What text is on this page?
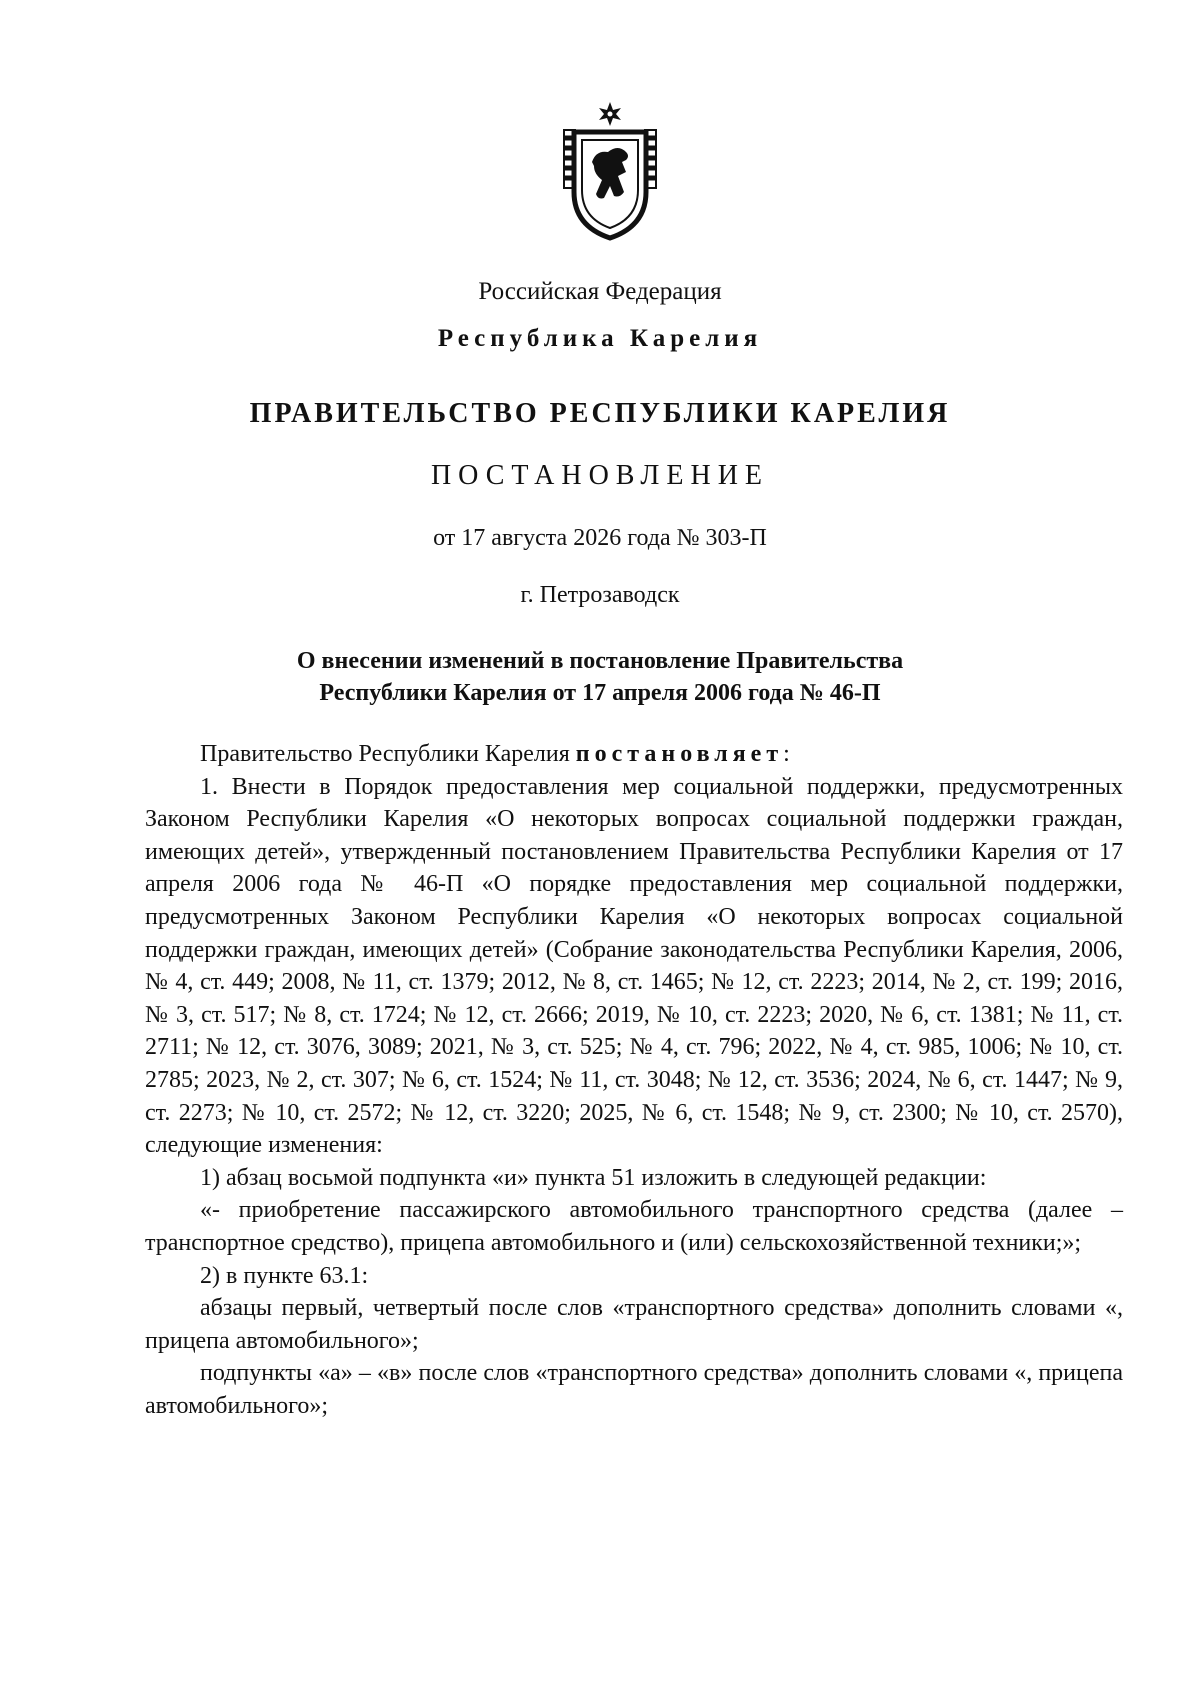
Российская Федерация
Республика Карелия
ПРАВИТЕЛЬСТВО РЕСПУБЛИКИ КАРЕЛИЯ
ПОСТАНОВЛЕНИЕ
от 17 августа 2026 года № 303-П
г. Петрозаводск
О внесении изменений в постановление Правительства
Республики Карелия от 17 апреля 2006 года № 46-П

Правительство Республики Карелия постановляет:

1. Внести в Порядок предоставления мер социальной поддержки, предусмотренных Законом Республики Карелия «О некоторых вопросах социальной поддержки граждан, имеющих детей», утвержденный постановлением Правительства Республики Карелия от 17 апреля 2006 года № 46-П «О порядке предоставления мер социальной поддержки, предусмотренных Законом Республики Карелия «О некоторых вопросах социальной поддержки граждан, имеющих детей» (Собрание законодательства Республики Карелия, 2006, № 4, ст. 449; 2008, № 11, ст. 1379; 2012, № 8, ст. 1465; № 12, ст. 2223; 2014, № 2, ст. 199; 2016, № 3, ст. 517; № 8, ст. 1724; № 12, ст. 2666; 2019, № 10, ст. 2223; 2020, № 6, ст. 1381; № 11, ст. 2711; № 12, ст. 3076, 3089; 2021, № 3, ст. 525; № 4, ст. 796; 2022, № 4, ст. 985, 1006; № 10, ст. 2785; 2023, № 2, ст. 307; № 6, ст. 1524; № 11, ст. 3048; № 12, ст. 3536; 2024, № 6, ст. 1447; № 9, ст. 2273; № 10, ст. 2572; № 12, ст. 3220; 2025, № 6, ст. 1548; № 9, ст. 2300; № 10, ст. 2570), следующие изменения:

1) абзац восьмой подпункта «и» пункта 51 изложить в следующей редакции:

«- приобретение пассажирского автомобильного транспортного средства (далее – транспортное средство), прицепа автомобильного и (или) сельскохозяйственной техники;»;

2) в пункте 63.1:

абзацы первый, четвертый после слов «транспортного средства» дополнить словами «, прицепа автомобильного»;

подпункты «а» – «в» после слов «транспортного средства» дополнить словами «, прицепа автомобильного»;
